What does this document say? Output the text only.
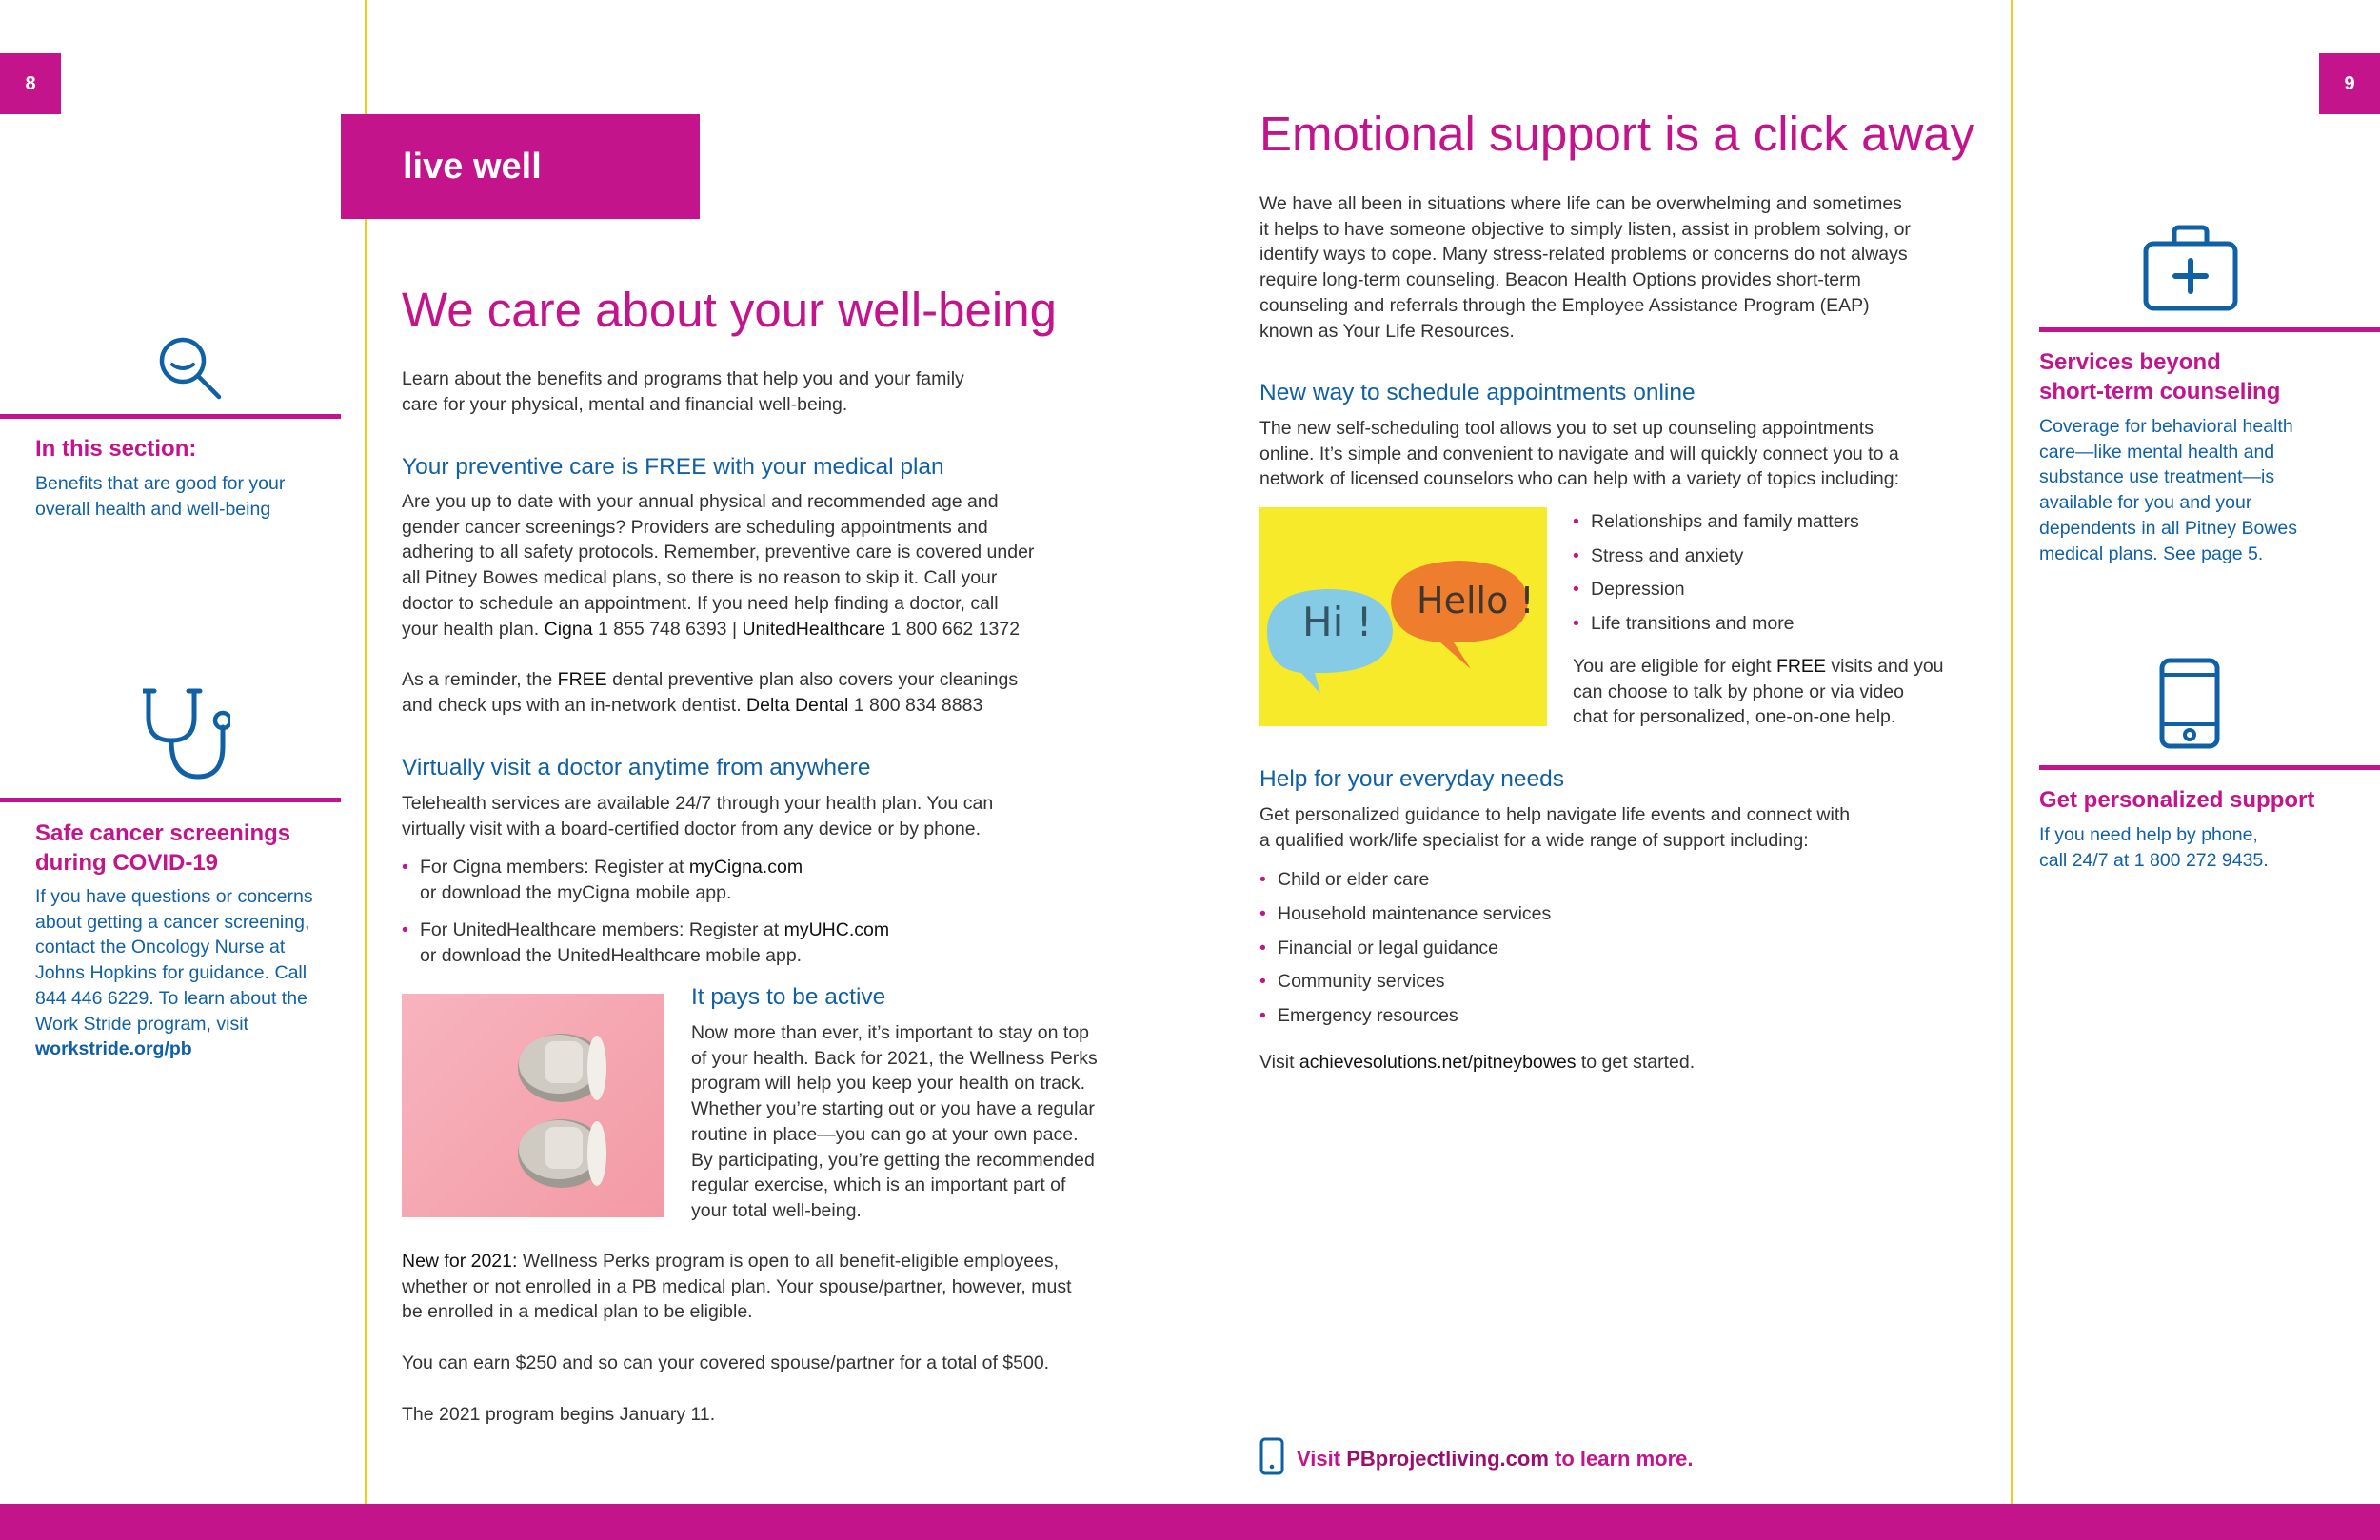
8	9
live well
In this section:
Benefits that are good for your
overall health and well-being
Safe cancer screenings
during COVID-19
If you have questions or concerns
about getting a cancer screening,
contact the Oncology Nurse at
Johns Hopkins for guidance. Call
844 446 6229. To learn about the
Work Stride program, visit
workstride.org/pb
We care about your well-being
Learn about the benefits and programs that help you and your family
care for your physical, mental and financial well-being.
Your preventive care is FREE with your medical plan
Are you up to date with your annual physical and recommended age and
gender cancer screenings? Providers are scheduling appointments and
adhering to all safety protocols. Remember, preventive care is covered under
all Pitney Bowes medical plans, so there is no reason to skip it. Call your
doctor to schedule an appointment. If you need help finding a doctor, call
your health plan. Cigna 1 855 748 6393 | UnitedHealthcare 1 800 662 1372
As a reminder, the FREE dental preventive plan also covers your cleanings
and check ups with an in-network dentist. Delta Dental 1 800 834 8883
Virtually visit a doctor anytime from anywhere
Telehealth services are available 24/7 through your health plan. You can
virtually visit with a board-certified doctor from any device or by phone.
• For Cigna members: Register at myCigna.com
or download the myCigna mobile app.
• For UnitedHealthcare members: Register at myUHC.com
or download the UnitedHealthcare mobile app.
It pays to be active
Now more than ever, it’s important to stay on top
of your health. Back for 2021, the Wellness Perks
program will help you keep your health on track.
Whether you’re starting out or you have a regular
routine in place—you can go at your own pace.
By participating, you’re getting the recommended
regular exercise, which is an important part of
your total well-being.
New for 2021: Wellness Perks program is open to all benefit-eligible employees,
whether or not enrolled in a PB medical plan. Your spouse/partner, however, must
be enrolled in a medical plan to be eligible.
You can earn $250 and so can your covered spouse/partner for a total of $500.
The 2021 program begins January 11.
Emotional support is a click away
We have all been in situations where life can be overwhelming and sometimes
it helps to have someone objective to simply listen, assist in problem solving, or
identify ways to cope. Many stress-related problems or concerns do not always
require long-term counseling. Beacon Health Options provides short-term
counseling and referrals through the Employee Assistance Program (EAP)
known as Your Life Resources.
New way to schedule appointments online
The new self-scheduling tool allows you to set up counseling appointments
online. It’s simple and convenient to navigate and will quickly connect you to a
network of licensed counselors who can help with a variety of topics including:
Hi ! Hello !
• Relationships and family matters
• Stress and anxiety
• Depression
• Life transitions and more
You are eligible for eight FREE visits and you
can choose to talk by phone or via video
chat for personalized, one-on-one help.
Help for your everyday needs
Get personalized guidance to help navigate life events and connect with
a qualified work/life specialist for a wide range of support including:
• Child or elder care
• Household maintenance services
• Financial or legal guidance
• Community services
• Emergency resources
Visit achievesolutions.net/pitneybowes to get started.
Visit PBprojectliving.com to learn more.
Services beyond
short-term counseling
Coverage for behavioral health
care—like mental health and
substance use treatment—is
available for you and your
dependents in all Pitney Bowes
medical plans. See page 5.
Get personalized support
If you need help by phone,
call 24/7 at 1 800 272 9435.
